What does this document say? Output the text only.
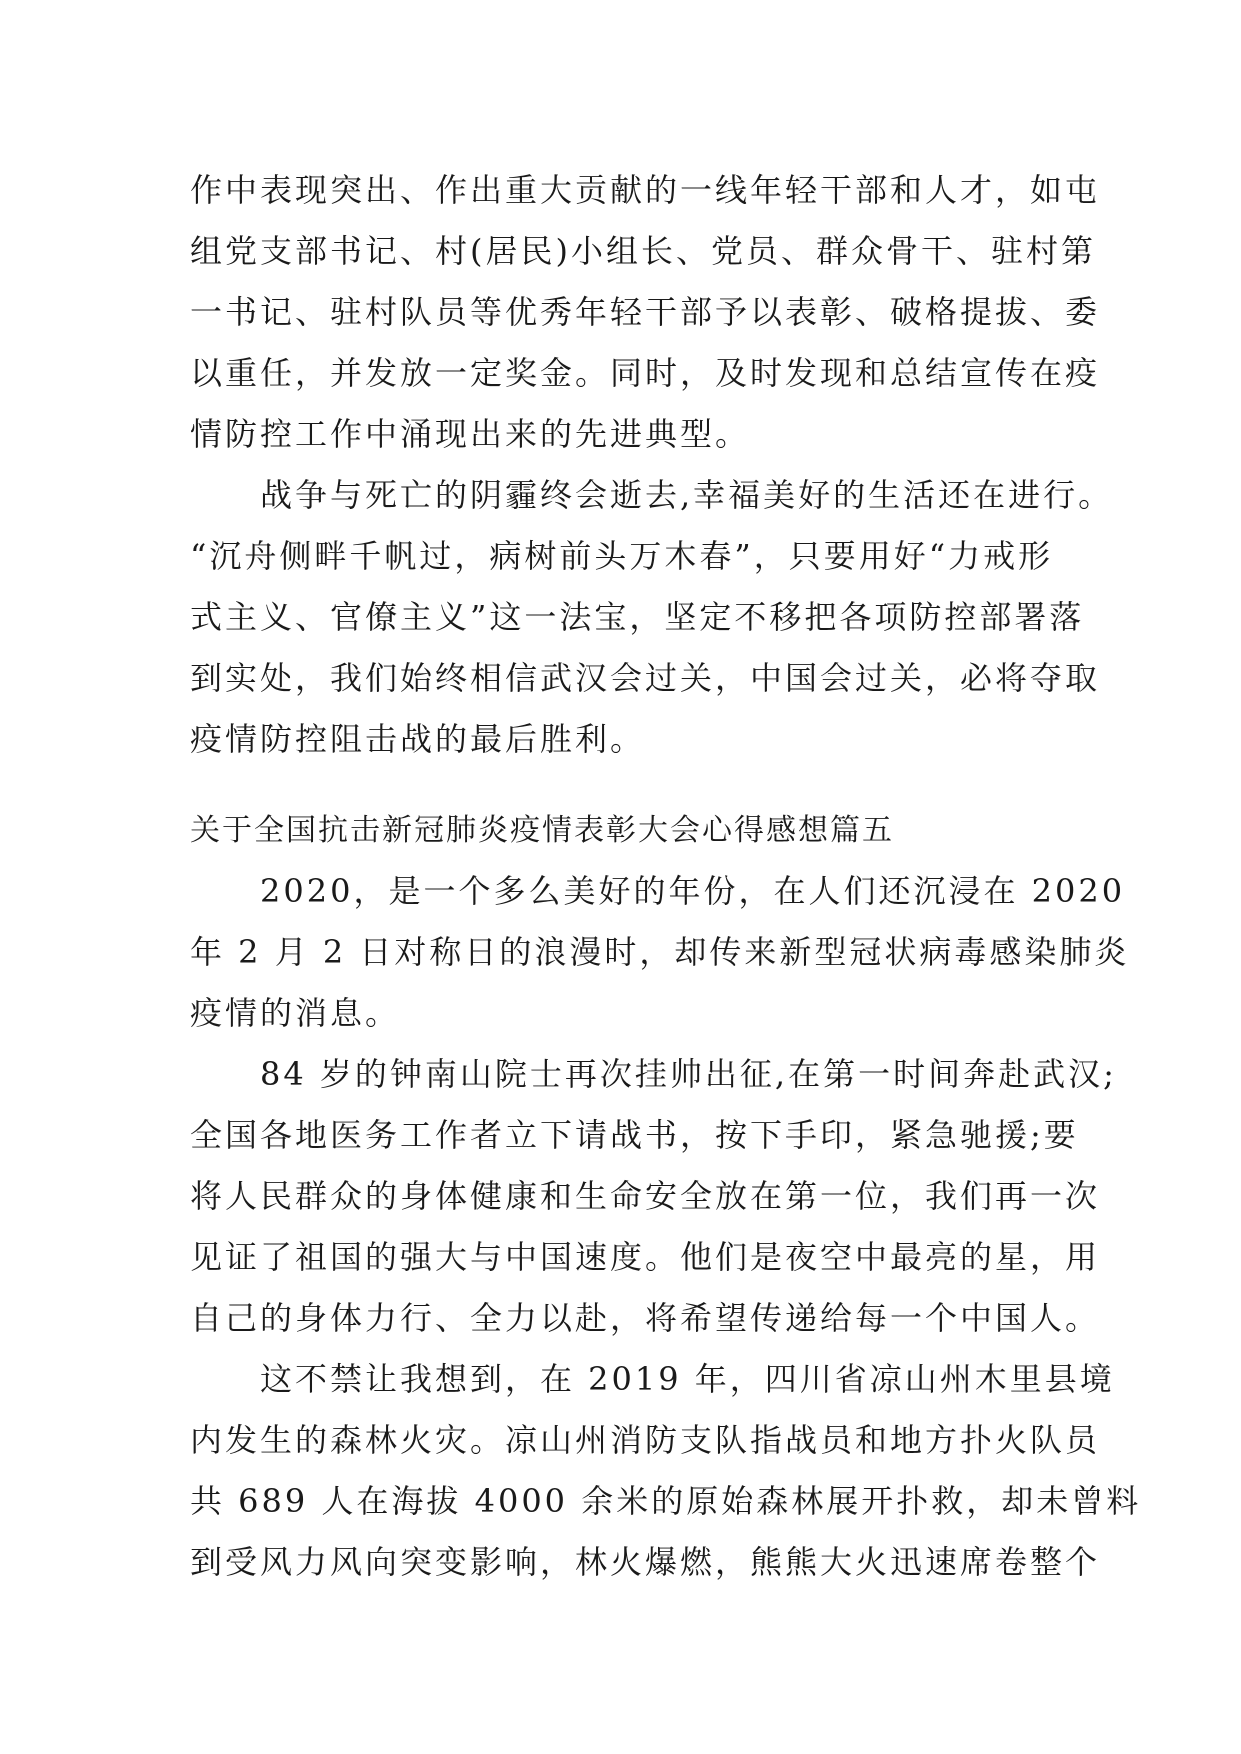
作中表现突出、作出重大贡献的一线年轻干部和人才，如屯
组党支部书记、村(居民)小组长、党员、群众骨干、驻村第
一书记、驻村队员等优秀年轻干部予以表彰、破格提拔、委
以重任，并发放一定奖金。同时，及时发现和总结宣传在疫
情防控工作中涌现出来的先进典型。
　　战争与死亡的阴霾终会逝去,幸福美好的生活还在进行。
“沉舟侧畔千帆过，病树前头万木春”，只要用好“力戒形
式主义、官僚主义”这一法宝，坚定不移把各项防控部署落
到实处，我们始终相信武汉会过关，中国会过关，必将夺取
疫情防控阻击战的最后胜利。
关于全国抗击新冠肺炎疫情表彰大会心得感想篇五
　　2020，是一个多么美好的年份，在人们还沉浸在 2020
年 2 月 2 日对称日的浪漫时，却传来新型冠状病毒感染肺炎
疫情的消息。
　　84 岁的钟南山院士再次挂帅出征,在第一时间奔赴武汉;
全国各地医务工作者立下请战书，按下手印，紧急驰援;要
将人民群众的身体健康和生命安全放在第一位，我们再一次
见证了祖国的强大与中国速度。他们是夜空中最亮的星，用
自己的身体力行、全力以赴，将希望传递给每一个中国人。
　　这不禁让我想到，在 2019 年，四川省凉山州木里县境
内发生的森林火灾。凉山州消防支队指战员和地方扑火队员
共 689 人在海拔 4000 余米的原始森林展开扑救，却未曾料
到受风力风向突变影响，林火爆燃，熊熊大火迅速席卷整个
